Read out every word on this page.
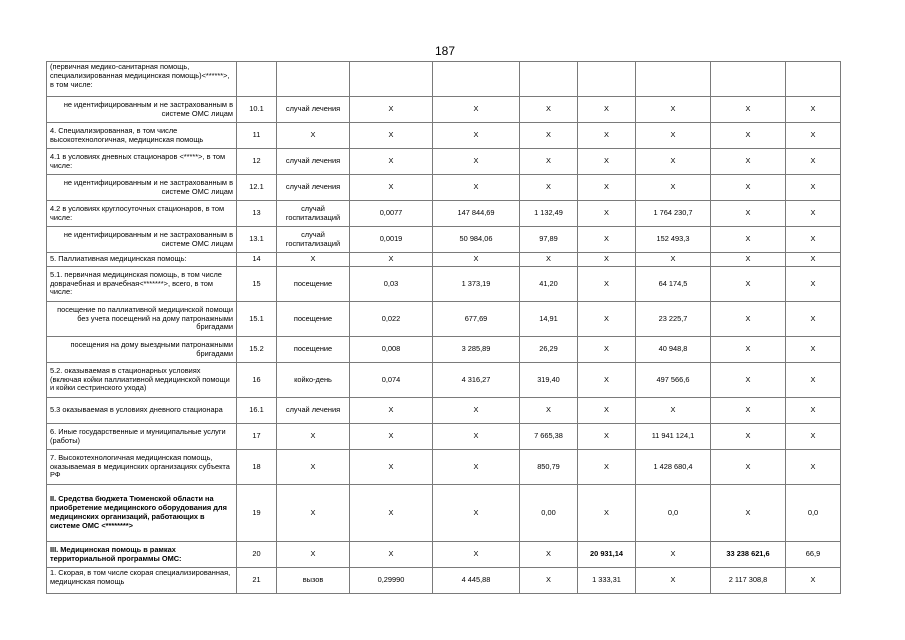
187
(первичная медико-санитарная помощь, специализированная медицинская помощь)<******>, в том числе:									
не идентифицированным и не застрахованным в системе ОМС лицам	10.1	случай лечения	Х	Х	Х	Х	Х	Х	Х
4. Специализированная, в том числе высокотехнологичная, медицинская помощь	11	Х	Х	Х	Х	Х	Х	Х	Х
4.1 в условиях дневных стационаров <*****>, в том числе:	12	случай лечения	Х	Х	Х	Х	Х	Х	Х
не идентифицированным и не застрахованным в системе ОМС лицам	12.1	случай лечения	Х	Х	Х	Х	Х	Х	Х
4.2 в условиях круглосуточных стационаров, в том числе:	13	случай госпитализаций	0,0077	147 844,69	1 132,49	Х	1 764 230,7	Х	Х
не идентифицированным и не застрахованным в системе ОМС лицам	13.1	случай госпитализаций	0,0019	50 984,06	97,89	Х	152 493,3	Х	Х
5. Паллиативная медицинская помощь:	14	Х	Х	Х	Х	Х	Х	Х	Х
5.1. первичная медицинская помощь, в том числе доврачебная и врачебная<*******>, всего, в том числе:	15	посещение	0,03	1 373,19	41,20	Х	64 174,5	Х	Х
посещение по паллиативной медицинской помощи без учета посещений на дому патронажными бригадами	15.1	посещение	0,022	677,69	14,91	Х	23 225,7	Х	Х
посещения на дому выездными патронажными бригадами	15.2	посещение	0,008	3 285,89	26,29	Х	40 948,8	Х	Х
5.2. оказываемая в стационарных условиях (включая койки паллиативной медицинской помощи и койки сестринского ухода)	16	койко-день	0,074	4 316,27	319,40	Х	497 566,6	Х	Х
5.3 оказываемая в условиях дневного стационара	16.1	случай лечения	Х	Х	Х	Х	Х	Х	Х
6. Иные государственные и муниципальные услуги (работы)	17	Х	Х	Х	7 665,38	Х	11 941 124,1	Х	Х
7. Высокотехнологичная медицинская помощь, оказываемая в медицинских организациях субъекта РФ	18	Х	Х	Х	850,79	Х	1 428 680,4	Х	Х
II. Средства бюджета Тюменской области на приобретение медицинского оборудования для медицинских организаций, работающих в системе ОМС <********>	19	Х	Х	Х	0,00	Х	0,0	Х	0,0
III. Медицинская помощь в рамках территориальной программы ОМС:	20	Х	Х	Х	Х	20 931,14	Х	33 238 621,6	66,9
1. Скорая, в том числе скорая специализированная, медицинская помощь	21	вызов	0,29990	4 445,88	Х	1 333,31	Х	2 117 308,8	Х
